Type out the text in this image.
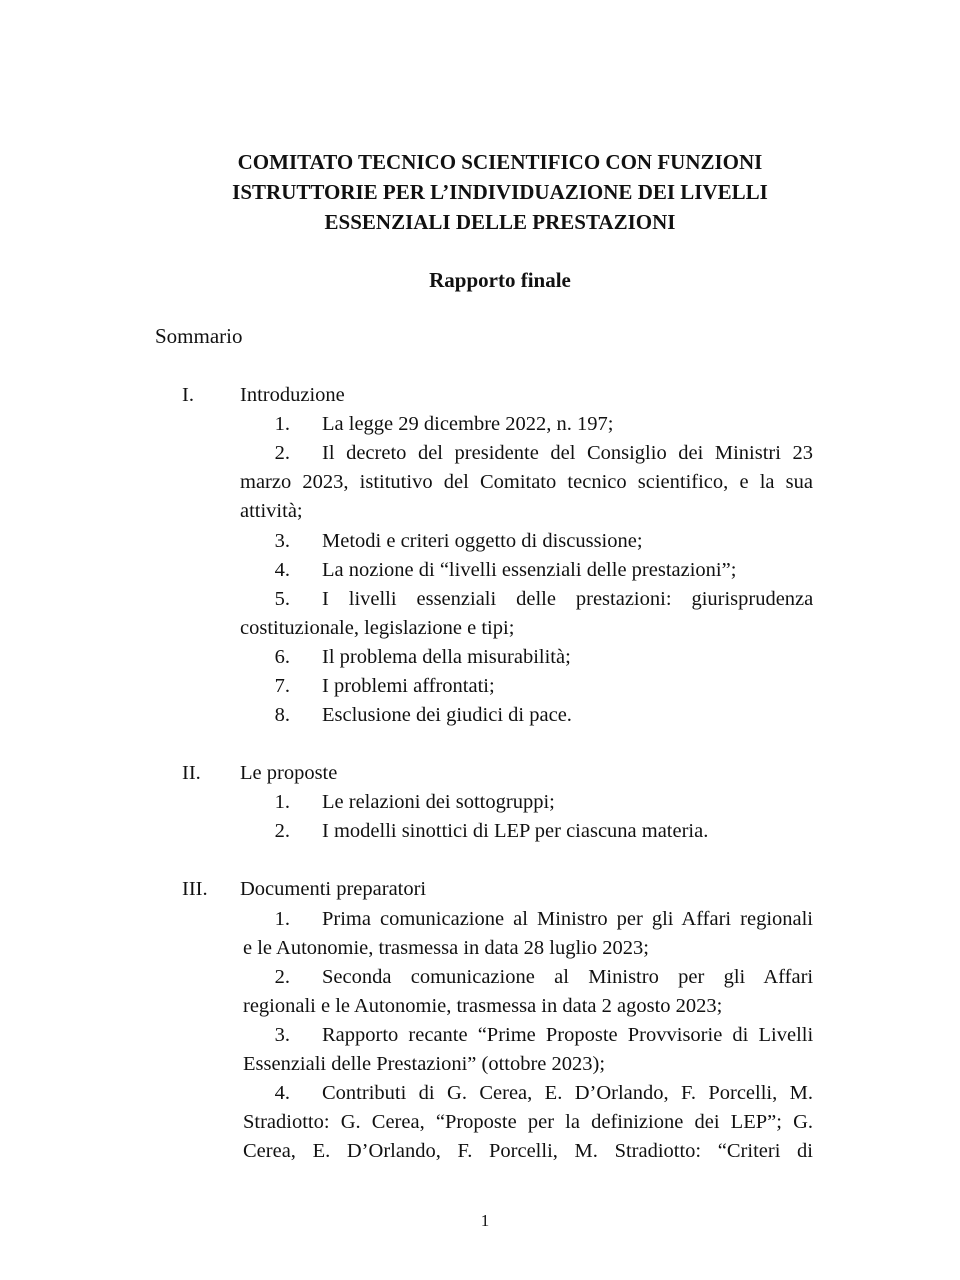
COMITATO TECNICO SCIENTIFICO CON FUNZIONI
ISTRUTTORIE PER L’INDIVIDUAZIONE DEI LIVELLI
ESSENZIALI DELLE PRESTAZIONI
Rapporto finale
Sommario
I. Introduzione
1. La legge 29 dicembre 2022, n. 197;
2. Il decreto del presidente del Consiglio dei Ministri 23
marzo 2023, istitutivo del Comitato tecnico scientifico, e la sua
attività;
3. Metodi e criteri oggetto di discussione;
4. La nozione di “livelli essenziali delle prestazioni”;
5. I livelli essenziali delle prestazioni: giurisprudenza
costituzionale, legislazione e tipi;
6. Il problema della misurabilità;
7. I problemi affrontati;
8. Esclusione dei giudici di pace.
II. Le proposte
1. Le relazioni dei sottogruppi;
2. I modelli sinottici di LEP per ciascuna materia.
III. Documenti preparatori
1. Prima comunicazione al Ministro per gli Affari regionali
e le Autonomie, trasmessa in data 28 luglio 2023;
2. Seconda comunicazione al Ministro per gli Affari
regionali e le Autonomie, trasmessa in data 2 agosto 2023;
3. Rapporto recante “Prime Proposte Provvisorie di Livelli
Essenziali delle Prestazioni” (ottobre 2023);
4. Contributi di G. Cerea, E. D’Orlando, F. Porcelli, M.
Stradiotto: G. Cerea, “Proposte per la definizione dei LEP”; G.
Cerea, E. D’Orlando, F. Porcelli, M. Stradiotto: “Criteri di
1
